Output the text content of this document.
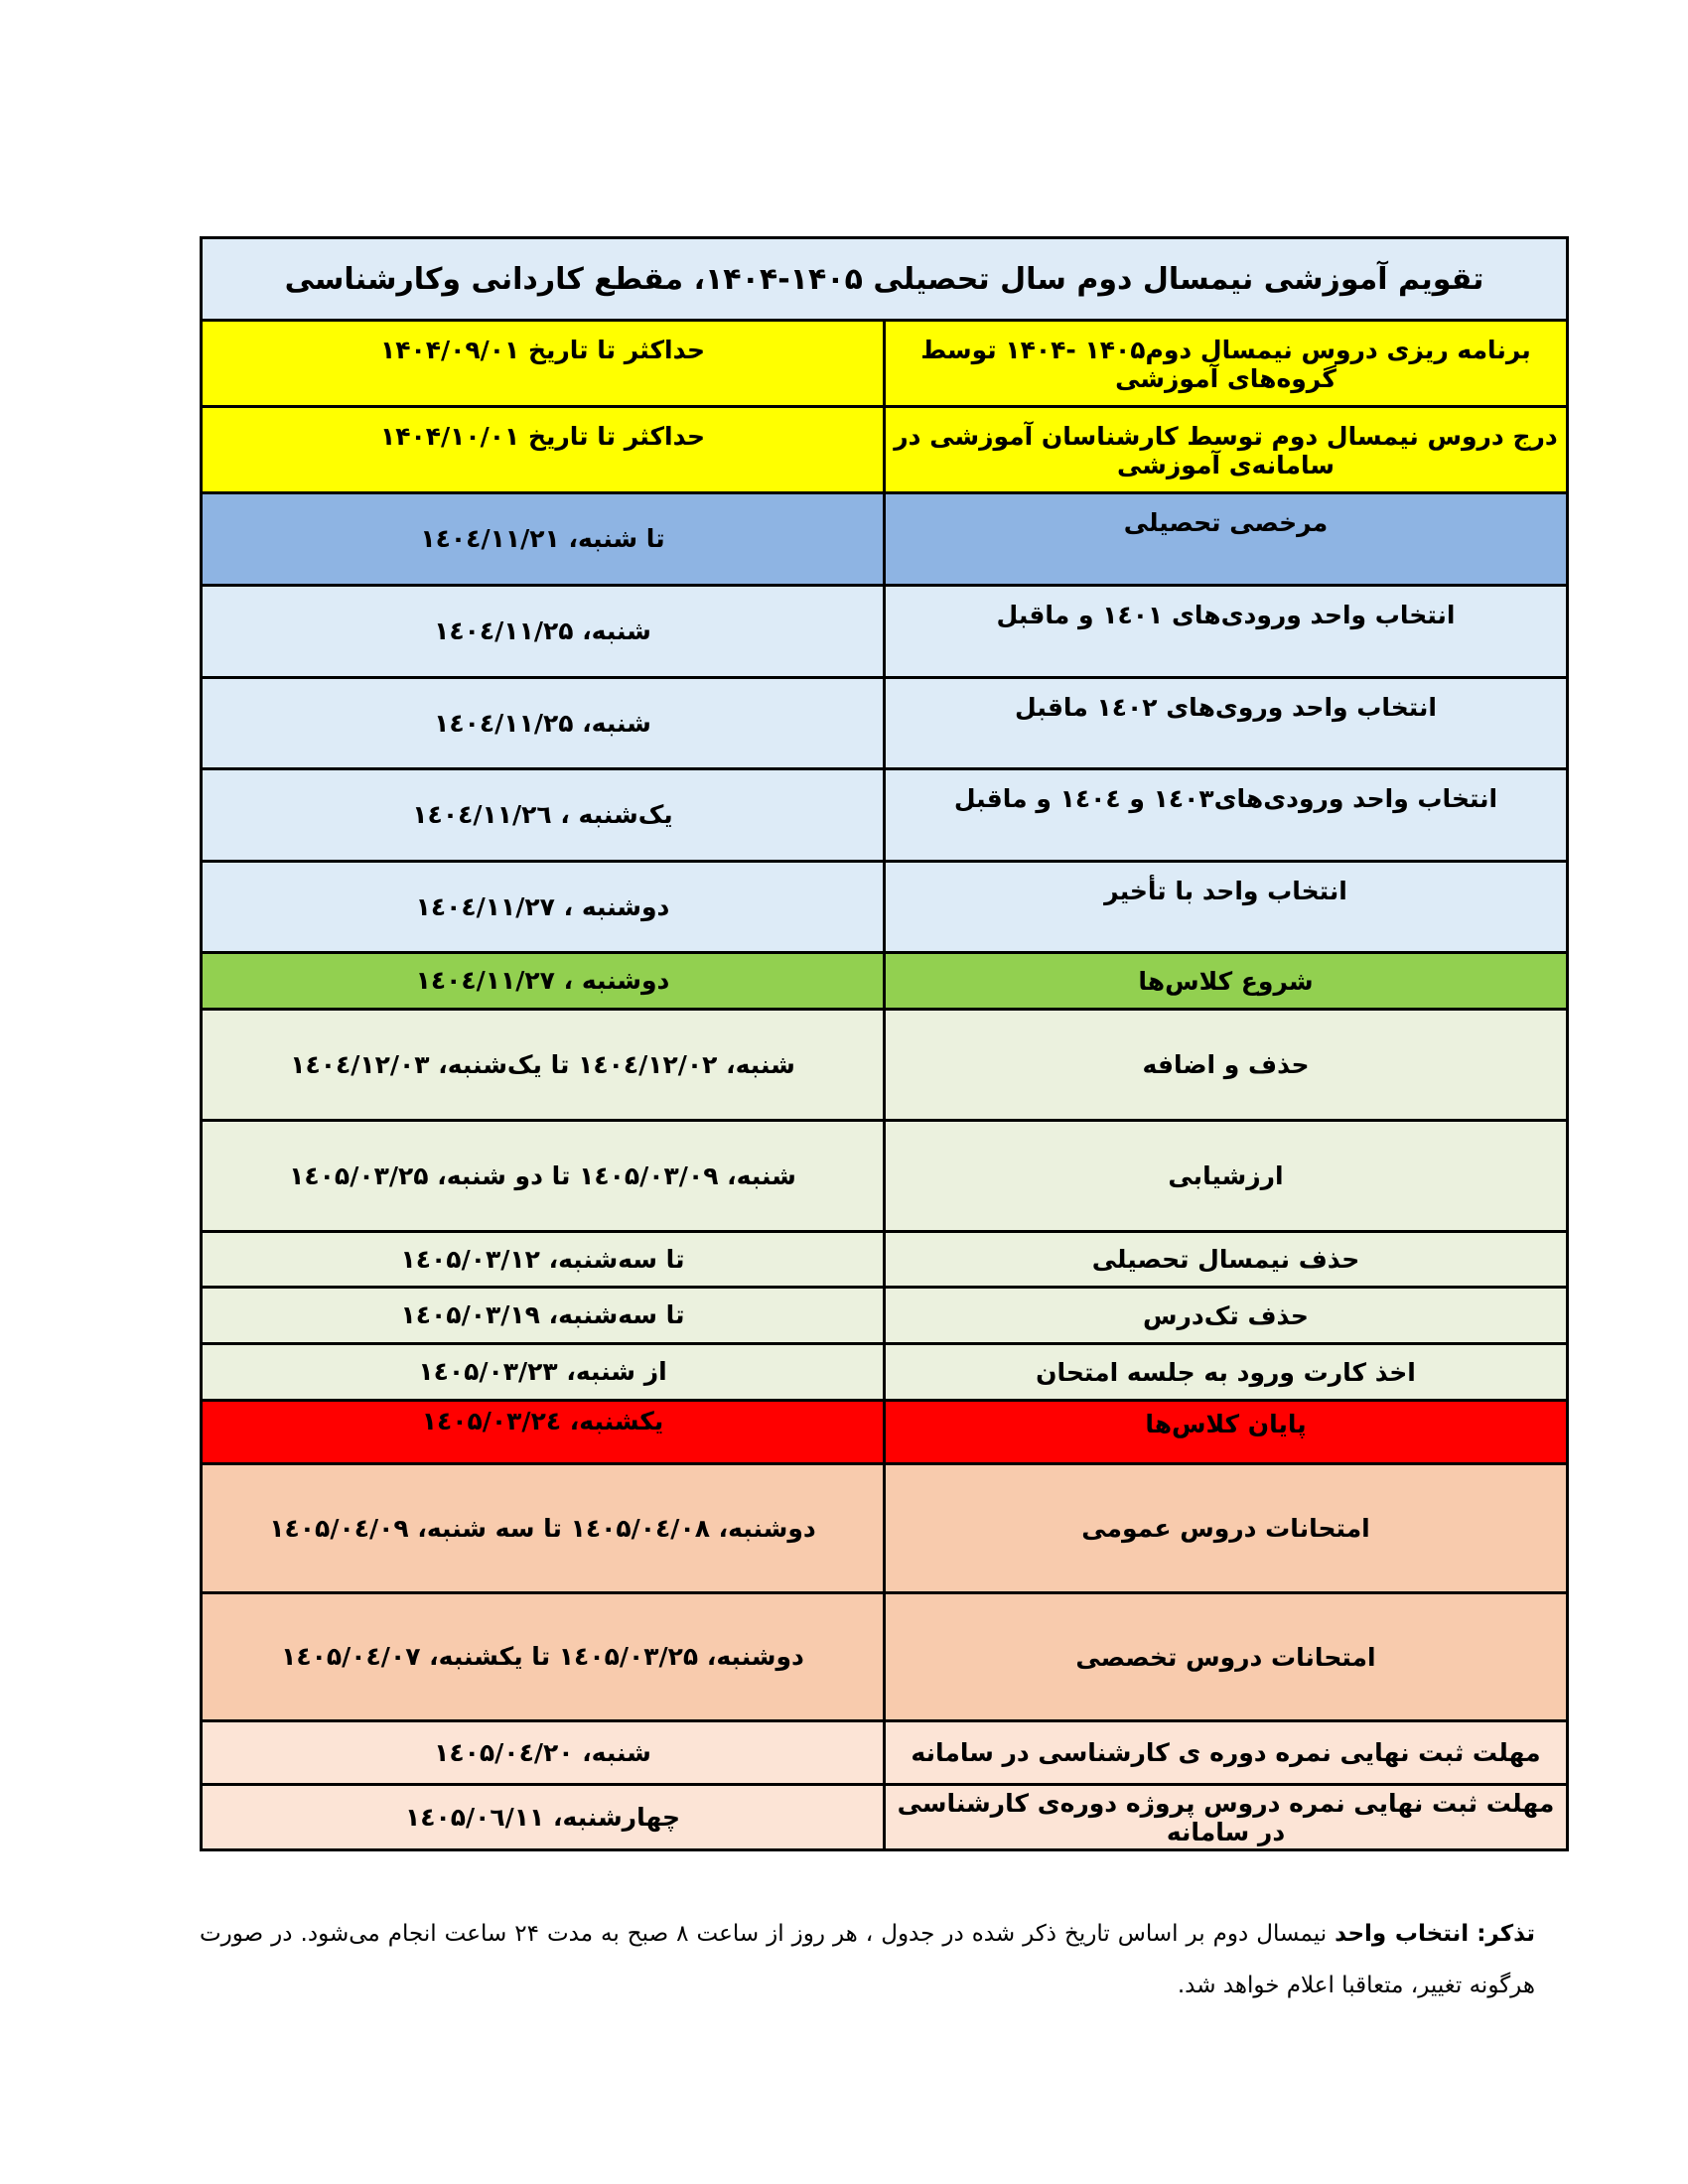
تقویم آموزشی نیمسال دوم سال تحصیلی ۱۴۰۵-۱۴۰۴، مقطع کاردانی وکارشناسی	
برنامه ریزی دروس نیمسال دوم۱۴۰۵ -۱۴۰۴ توسط گروه‌های آموزشی	حداکثر تا تاریخ ۱۴۰۴/۰۹/۰۱
درج دروس نیمسال دوم توسط کارشناسان آموزشی در سامانه‌ی آموزشی	حداکثر تا تاریخ ۱۴۰۴/۱۰/۰۱
مرخصی تحصیلی	تا شنبه، ۱٤۰٤/۱۱/۲۱
انتخاب واحد ورودی‌های ۱٤۰۱ و ماقبل	شنبه، ۱٤۰٤/۱۱/۲۵
انتخاب واحد وروی‌های ۱٤۰۲ ماقبل	شنبه، ۱٤۰٤/۱۱/۲۵
انتخاب واحد ورودی‌های۱٤۰۳ و ۱٤۰٤ و ماقبل	یک‌شنبه ، ۱٤۰٤/۱۱/۲٦
انتخاب واحد با تأخیر	دوشنبه ، ۱٤۰٤/۱۱/۲۷
شروع کلاس‌ها	دوشنبه ، ۱٤۰٤/۱۱/۲۷
حذف و اضافه	شنبه، ۱٤۰٤/۱۲/۰۲ تا یک‌شنبه، ۱٤۰٤/۱۲/۰۳
ارزشیابی	شنبه، ۱٤۰۵/۰۳/۰۹ تا دو شنبه، ۱٤۰۵/۰۳/۲۵
حذف نیمسال تحصیلی	تا سه‌شنبه، ۱٤۰۵/۰۳/۱۲
حذف تک‌درس	تا سه‌شنبه، ۱٤۰۵/۰۳/۱۹
اخذ کارت ورود به جلسه امتحان	از شنبه، ۱٤۰۵/۰۳/۲۳
پایان کلاس‌ها	یکشنبه، ۱٤۰۵/۰۳/۲٤
امتحانات دروس عمومی	دوشنبه، ۱٤۰۵/۰٤/۰۸ تا سه شنبه، ۱٤۰۵/۰٤/۰۹
امتحانات دروس تخصصی	دوشنبه، ۱٤۰۵/۰۳/۲۵ تا یکشنبه، ۱٤۰۵/۰٤/۰۷
مهلت ثبت نهایی نمره دوره ی کارشناسی در سامانه	شنبه، ۱٤۰۵/۰٤/۲۰
مهلت ثبت نهایی نمره دروس پروژه دوره‌ی کارشناسی در سامانه	چهارشنبه، ۱٤۰۵/۰٦/۱۱
تذکر: انتخاب واحد نیمسال دوم بر اساس تاریخ ذکر شده در جدول ، هر روز از ساعت ۸ صبح به مدت ۲۴ ساعت انجام می‌شود. در صورت هرگونه تغییر، متعاقبا اعلام خواهد شد.
